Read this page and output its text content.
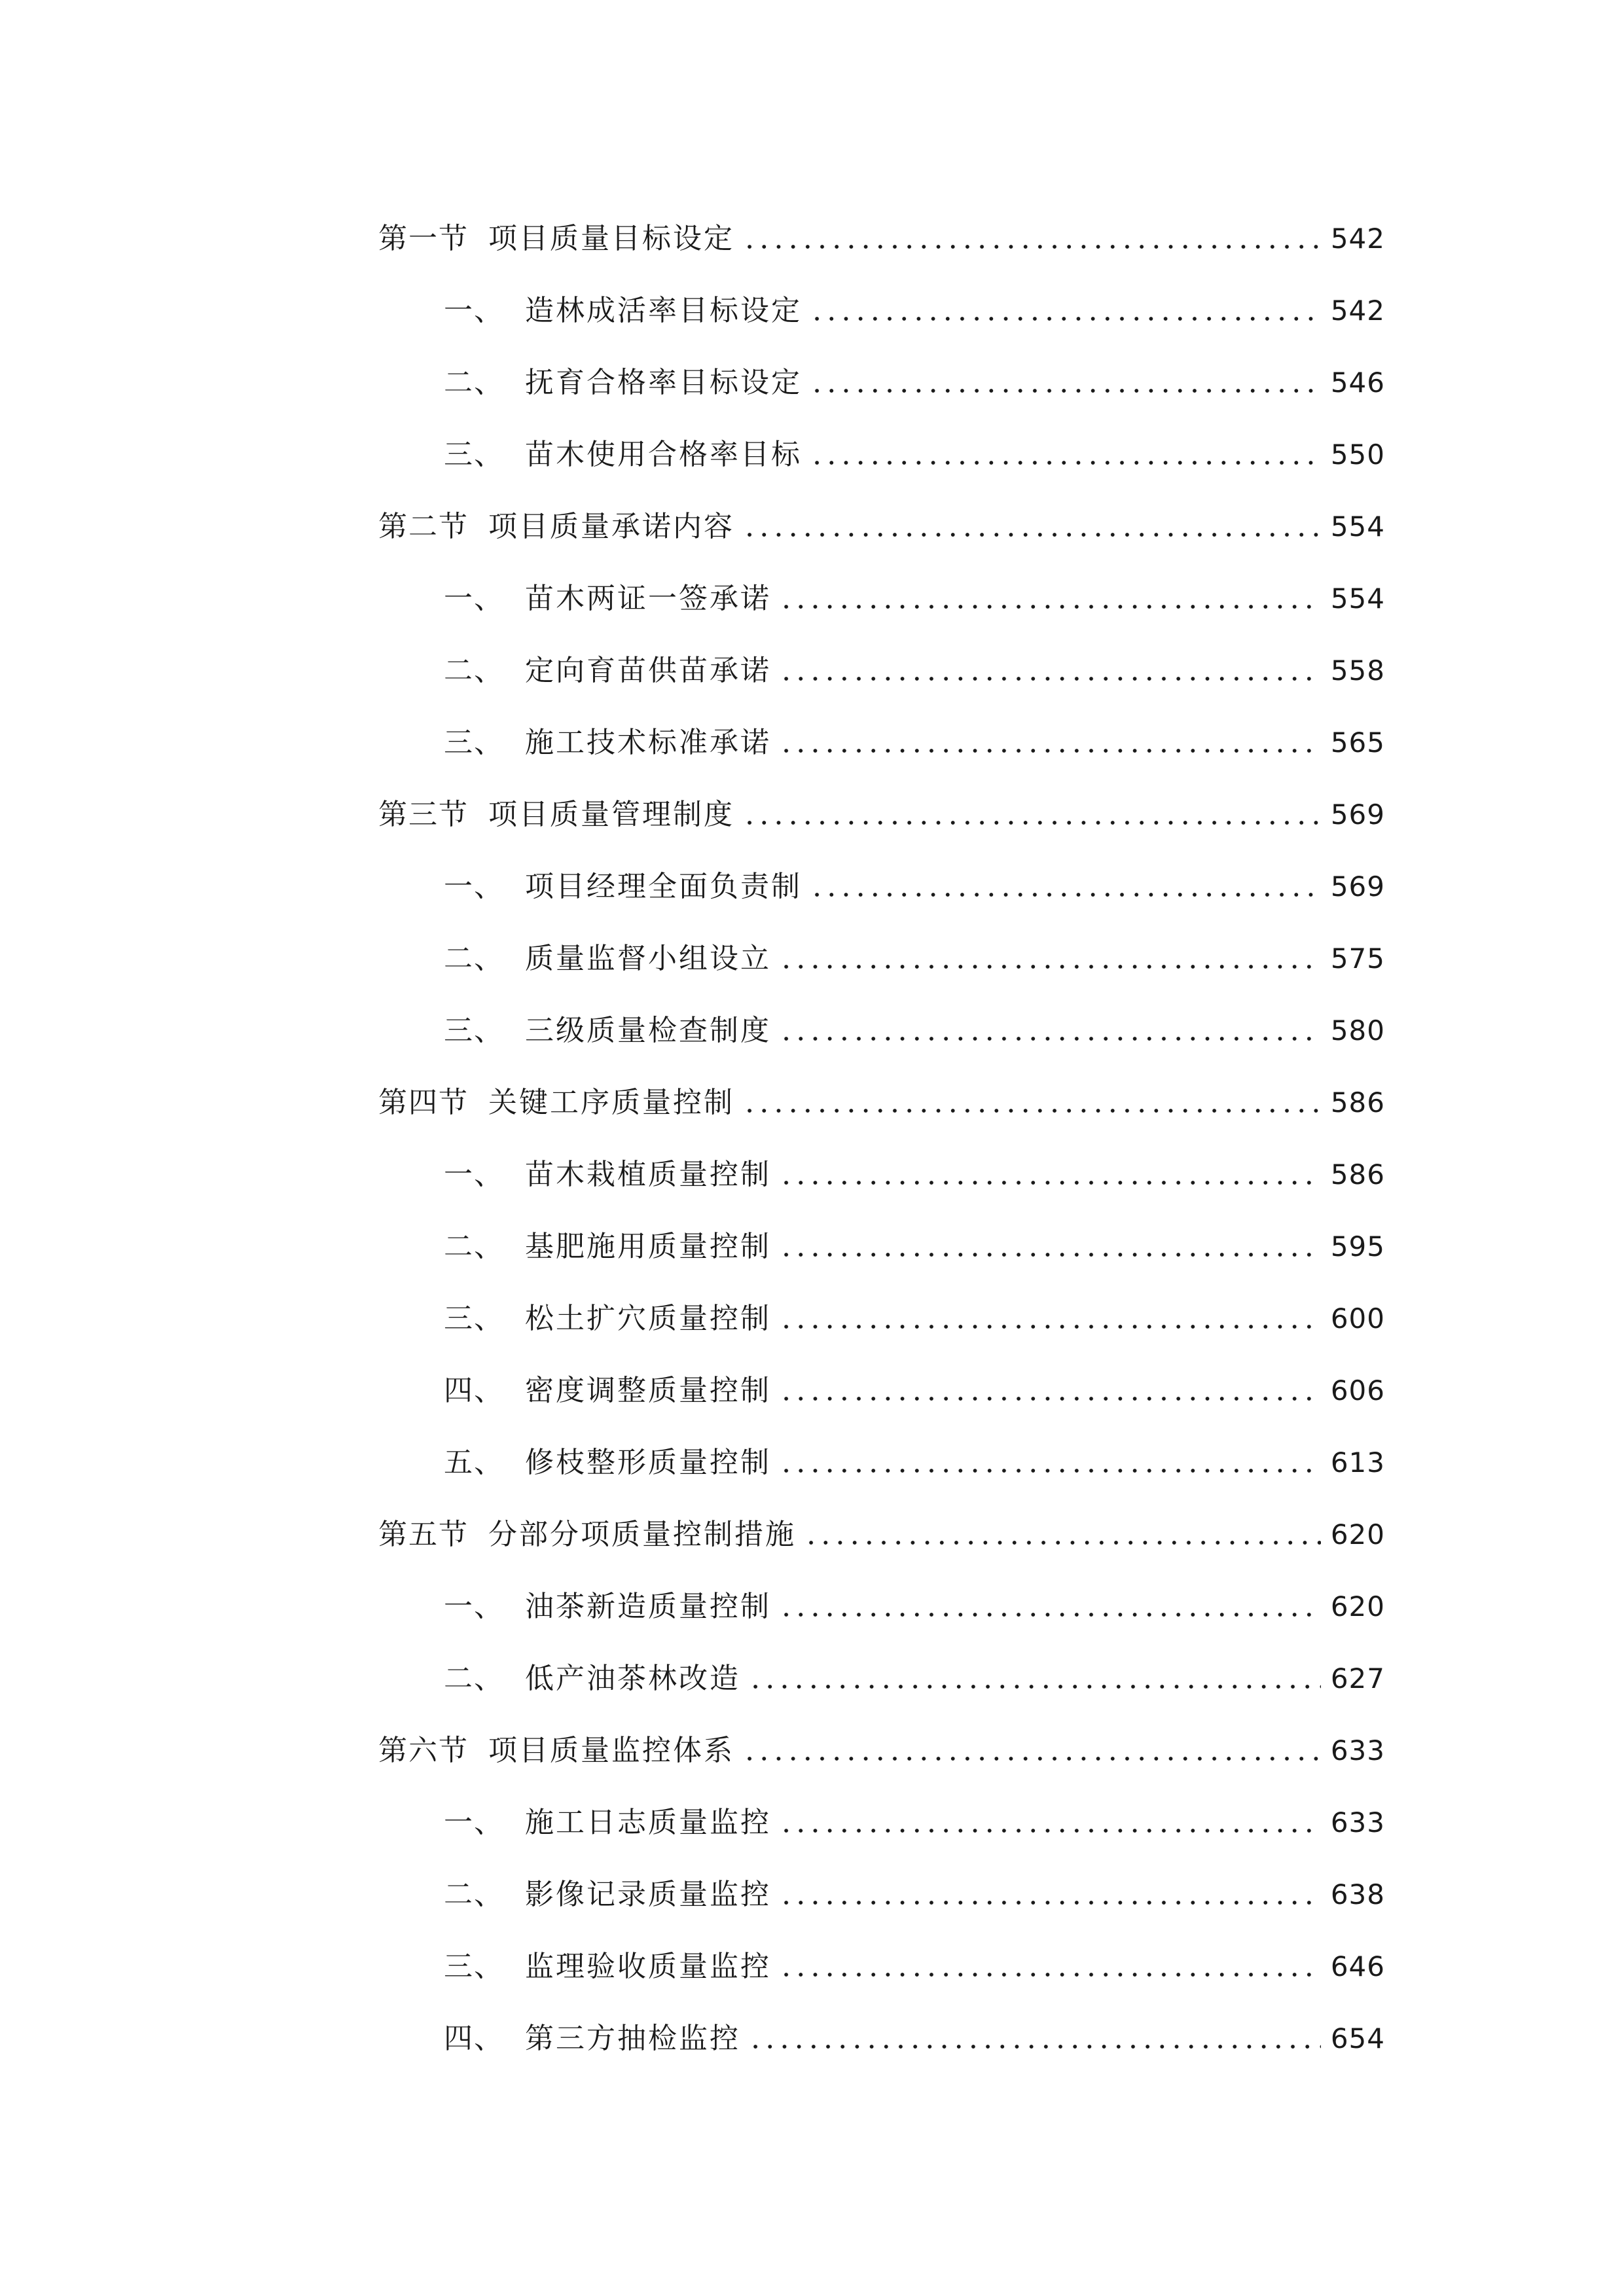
第一节 项目质量目标设定	542
一、 造林成活率目标设定	542
二、 抚育合格率目标设定	546
三、 苗木使用合格率目标	550
第二节 项目质量承诺内容	554
一、 苗木两证一签承诺	554
二、 定向育苗供苗承诺	558
三、 施工技术标准承诺	565
第三节 项目质量管理制度	569
一、 项目经理全面负责制	569
二、 质量监督小组设立	575
三、 三级质量检查制度	580
第四节 关键工序质量控制	586
一、 苗木栽植质量控制	586
二、 基肥施用质量控制	595
三、 松土扩穴质量控制	600
四、 密度调整质量控制	606
五、 修枝整形质量控制	613
第五节 分部分项质量控制措施	620
一、 油茶新造质量控制	620
二、 低产油茶林改造	627
第六节 项目质量监控体系	633
一、 施工日志质量监控	633
二、 影像记录质量监控	638
三、 监理验收质量监控	646
四、 第三方抽检监控	654
